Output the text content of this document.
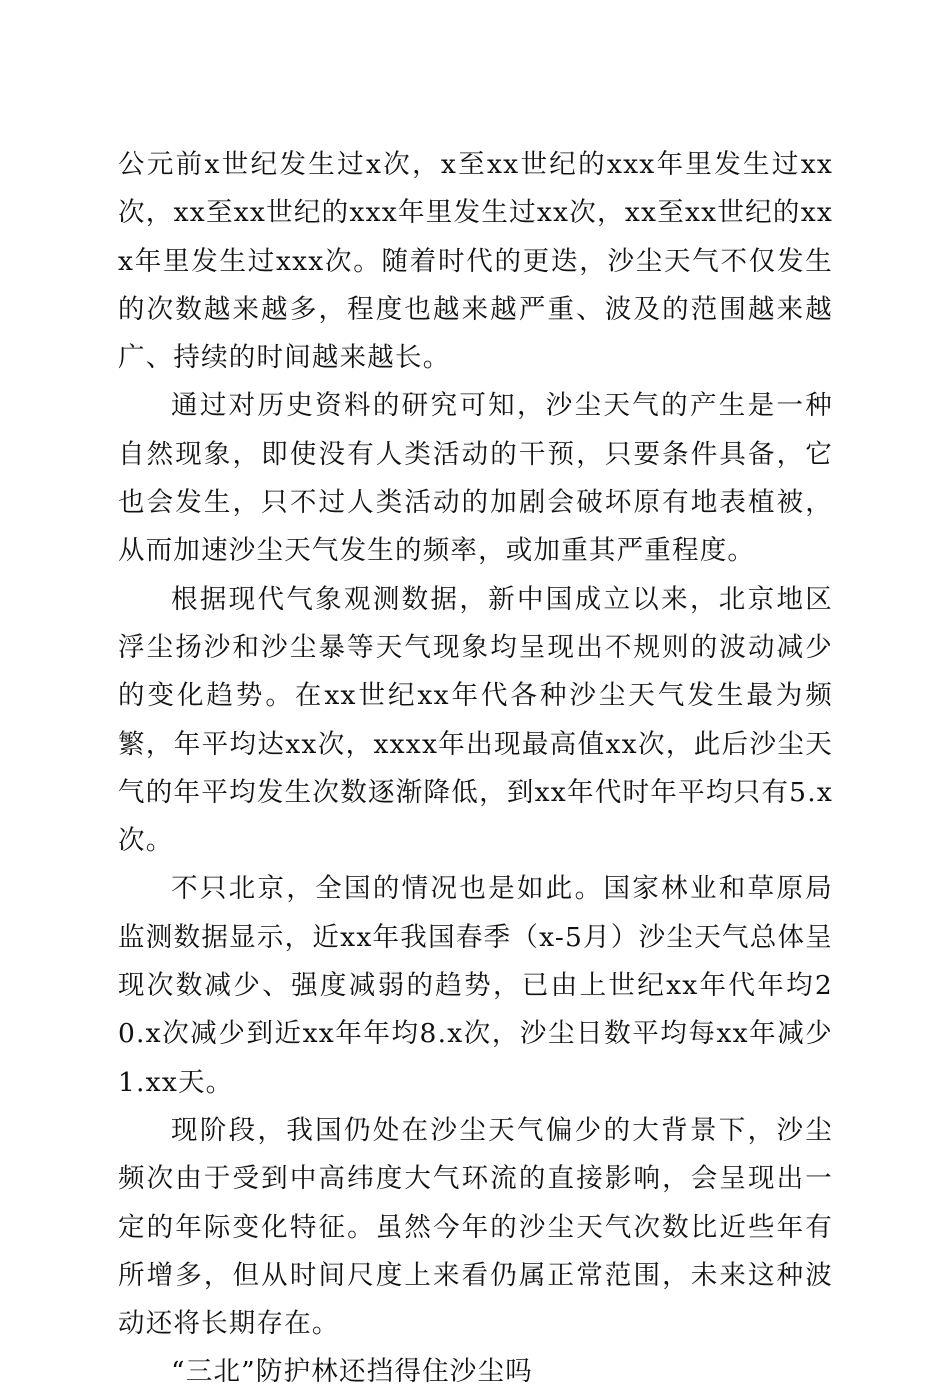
公元前x世纪发生过x次，x至xx世纪的xxx年里发生过xx次，xx至xx世纪的xxx年里发生过xx次，xx至xx世纪的xxx年里发生过xxx次。随着时代的更迭，沙尘天气不仅发生的次数越来越多，程度也越来越严重、波及的范围越来越广、持续的时间越来越长。

通过对历史资料的研究可知，沙尘天气的产生是一种自然现象，即使没有人类活动的干预，只要条件具备，它也会发生，只不过人类活动的加剧会破坏原有地表植被，从而加速沙尘天气发生的频率，或加重其严重程度。

根据现代气象观测数据，新中国成立以来，北京地区浮尘扬沙和沙尘暴等天气现象均呈现出不规则的波动减少的变化趋势。在xx世纪xx年代各种沙尘天气发生最为频繁，年平均达xx次，xxxx年出现最高值xx次，此后沙尘天气的年平均发生次数逐渐降低，到xx年代时年平均只有5.x次。

不只北京，全国的情况也是如此。国家林业和草原局监测数据显示，近xx年我国春季（x-5月）沙尘天气总体呈现次数减少、强度减弱的趋势，已由上世纪xx年代年均20.x次减少到近xx年年均8.x次，沙尘日数平均每xx年减少1.xx天。

现阶段，我国仍处在沙尘天气偏少的大背景下，沙尘频次由于受到中高纬度大气环流的直接影响，会呈现出一定的年际变化特征。虽然今年的沙尘天气次数比近些年有所增多，但从时间尺度上来看仍属正常范围，未来这种波动还将长期存在。

“三北”防护林还挡得住沙尘吗
